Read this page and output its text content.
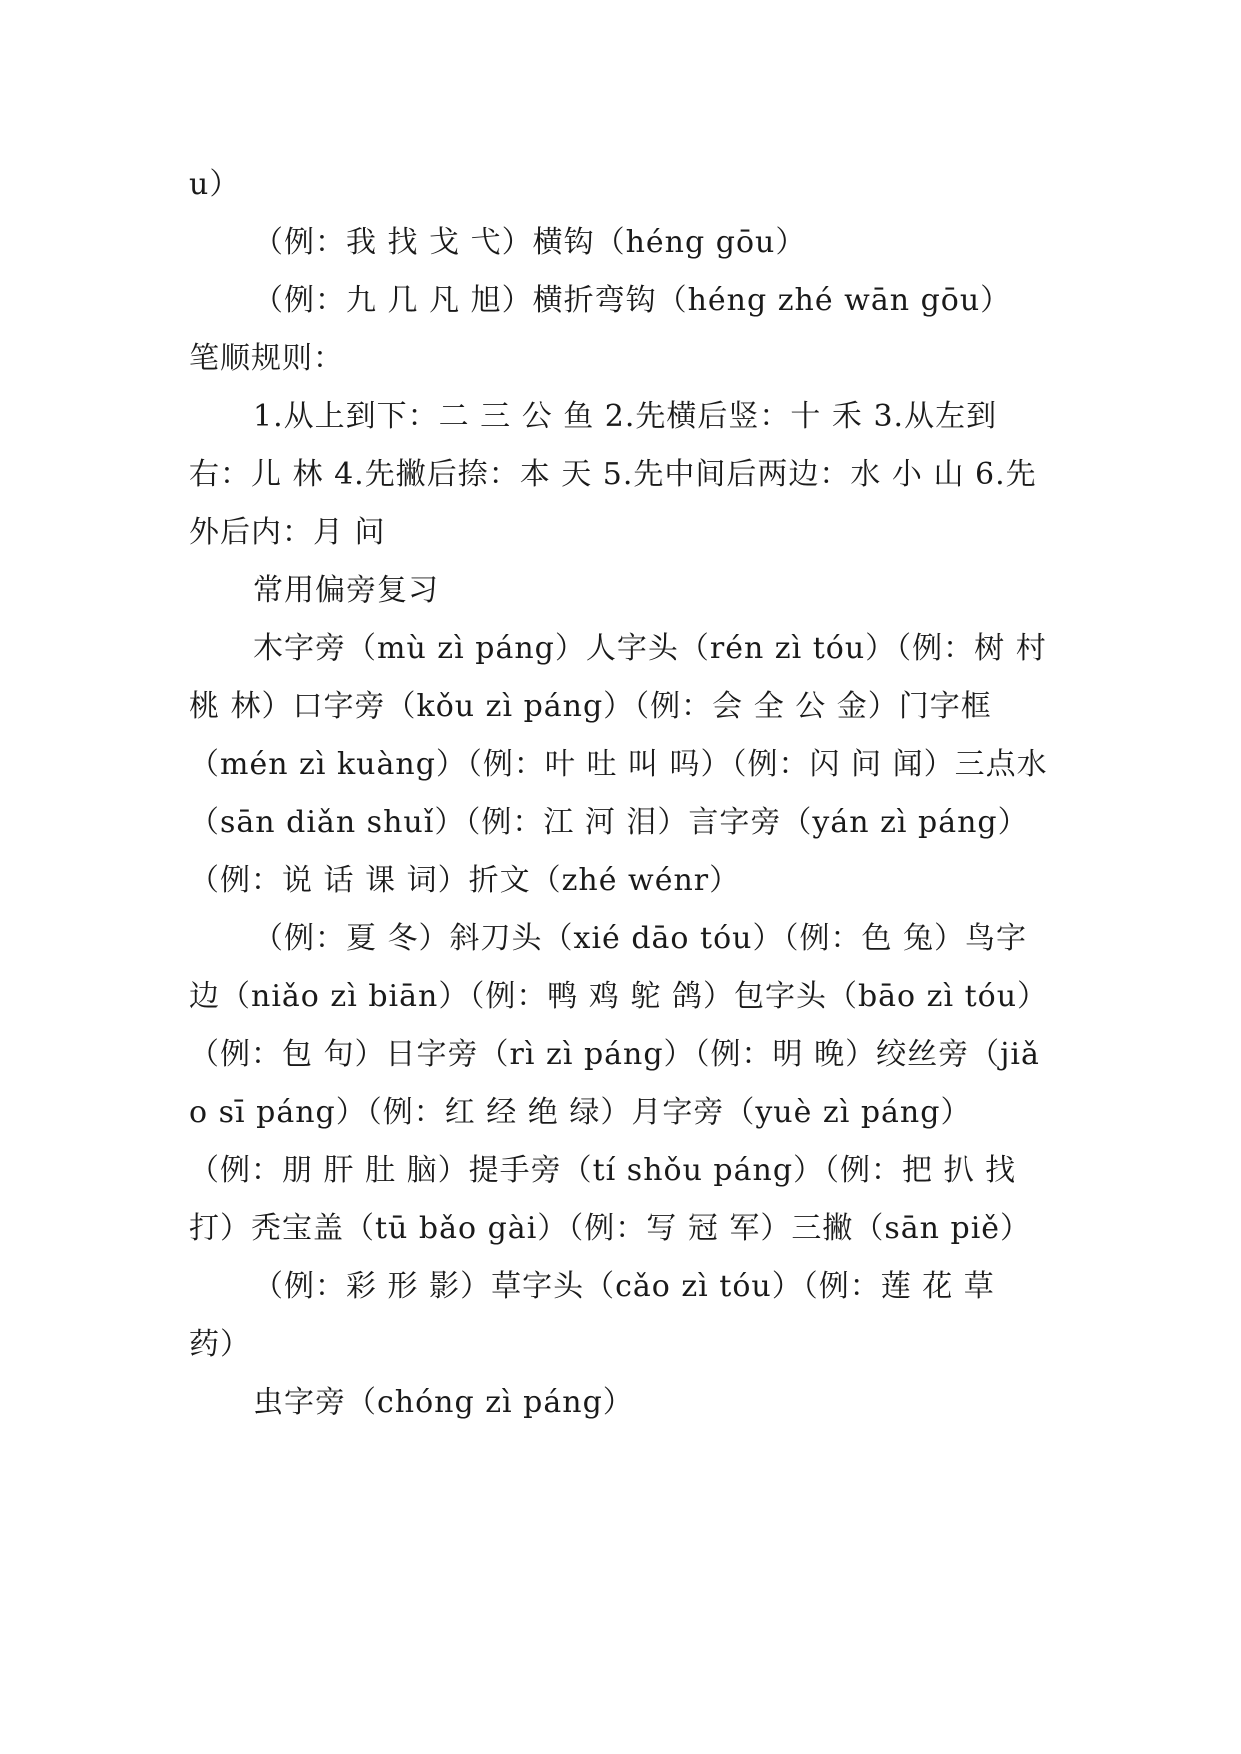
u）

（例：我 找 戈 弋）横钩（héng gōu）

（例：九 几 凡 旭）横折弯钩（héng zhé wān gōu）

笔顺规则：

1.从上到下：二 三 公 鱼 2.先横后竖：十 禾 3.从左到右：儿 林 4.先撇后捺：本 天 5.先中间后两边：水 小 山 6.先外后内：月 问

常用偏旁复习

木字旁（mù zì páng）人字头（rén zì tóu）（例：树 村 桃 林）口字旁（kǒu zì páng）（例：会 全 公 金）门字框（mén zì kuàng）（例：叶 吐 叫 吗）（例：闪 问 闻）三点水（sān diǎn shuǐ）（例：江 河 泪）言字旁（yán zì páng）（例：说 话 课 词）折文（zhé wénr）

（例：夏 冬）斜刀头（xié dāo tóu）（例：色 兔）鸟字边（niǎo zì biān）（例：鸭 鸡 鸵 鸽）包字头（bāo zì tóu）（例：包 句）日字旁（rì zì páng）（例：明 晚）绞丝旁（jiǎo sī páng）（例：红 经 绝 绿）月字旁（yuè zì páng）（例：朋 肝 肚 脑）提手旁（tí shǒu páng）（例：把 扒 找 打）秃宝盖（tū bǎo gài）（例：写 冠 军）三撇（sān piě）

（例：彩 形 影）草字头（cǎo zì tóu）（例：莲 花 草 药）

虫字旁（chóng zì páng）
